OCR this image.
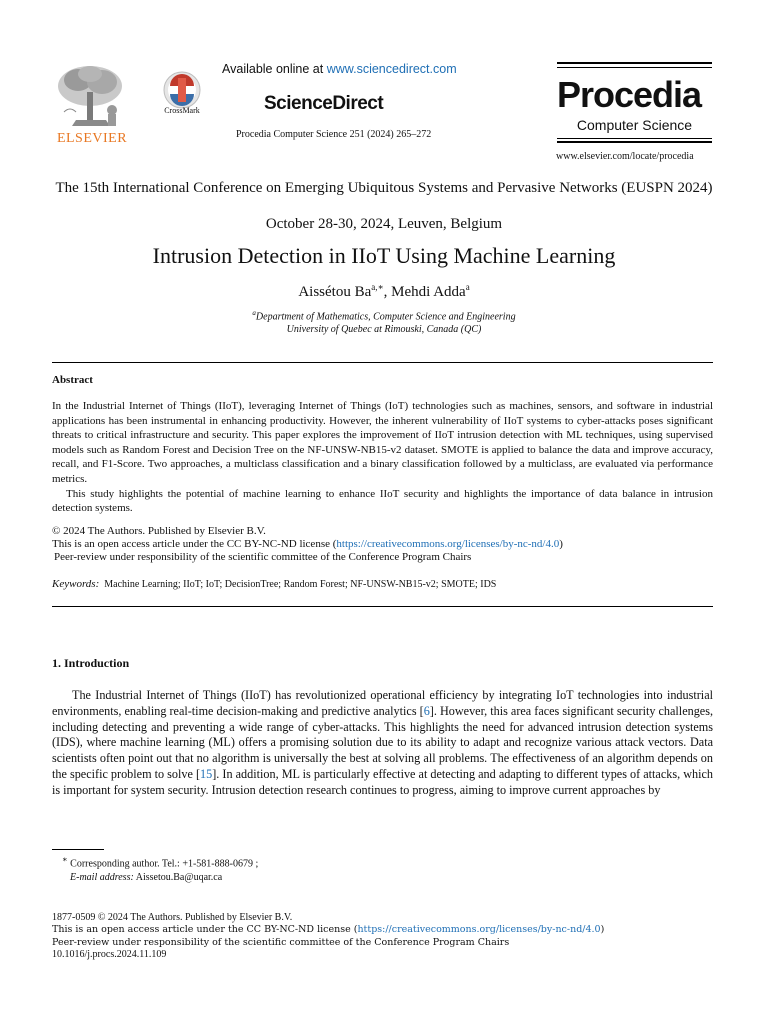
ELSEVIER
CrossMark
Available online at www.sciencedirect.com
ScienceDirect
Procedia Computer Science 251 (2024) 265–272
Procedia
Computer Science
www.elsevier.com/locate/procedia
The 15th International Conference on Emerging Ubiquitous Systems and Pervasive Networks (EUSPN 2024)
October 28-30, 2024, Leuven, Belgium
Intrusion Detection in IIoT Using Machine Learning
Aissétou $Ba^{a,∗}$, Mehdi Adda$^a$
$^a$Department of Mathematics, Computer Science and Engineering
University of Quebec at Rimouski, Canada (QC)
Abstract

In the Industrial Internet of Things (IIoT), leveraging Internet of Things (IoT) technologies such as machines, sensors, and software in industrial applications has been instrumental in enhancing productivity. However, the inherent vulnerability of IIoT systems to cyber-attacks poses significant threats to critical infrastructure and security. This paper explores the improvement of IIoT intrusion detection with ML techniques, using supervised models such as Random Forest and Decision Tree on the NF-UNSW-NB15-v2 dataset. SMOTE is applied to balance the data and improve accuracy, recall, and F1-Score. Two approaches, a multiclass classification and a binary classification followed by a multiclass, are evaluated via performance metrics.

This study highlights the potential of machine learning to enhance IIoT security and highlights the importance of data balance in intrusion detection systems.

© 2024 The Authors. Published by Elsevier B.V.
This is an open access article under the CC BY-NC-ND license (https://creativecommons.org/licenses/by-nc-nd/4.0)
Peer-review under responsibility of the scientific committee of the Conference Program Chairs
Keywords: Machine Learning; IIoT; IoT; DecisionTree; Random Forest; NF-UNSW-NB15-v2; SMOTE; IDS
1. Introduction
The Industrial Internet of Things (IIoT) has revolutionized operational efficiency by integrating IoT technologies into industrial environments, enabling real-time decision-making and predictive analytics [6]. However, this area faces significant security challenges, including detecting and preventing a wide range of cyber-attacks. This highlights the need for advanced intrusion detection systems (IDS), where machine learning (ML) offers a promising solution due to its ability to adapt and recognize various attack vectors. Data scientists often point out that no algorithm is universally the best at solving all problems. The effectiveness of an algorithm depends on the specific problem to solve [15]. In addition, ML is particularly effective at detecting and adapting to different types of attacks, which is important for system security. Intrusion detection research continues to progress, aiming to improve current approaches by
∗ Corresponding author. Tel.: +1-581-888-0679 ;
E-mail address: Aissetou.Ba@uqar.ca
1877-0509 © 2024 The Authors. Published by Elsevier B.V.
This is an open access article under the CC BY-NC-ND license (https://creativecommons.org/licenses/by-nc-nd/4.0)
Peer-review under responsibility of the scientific committee of the Conference Program Chairs
10.1016/j.procs.2024.11.109
